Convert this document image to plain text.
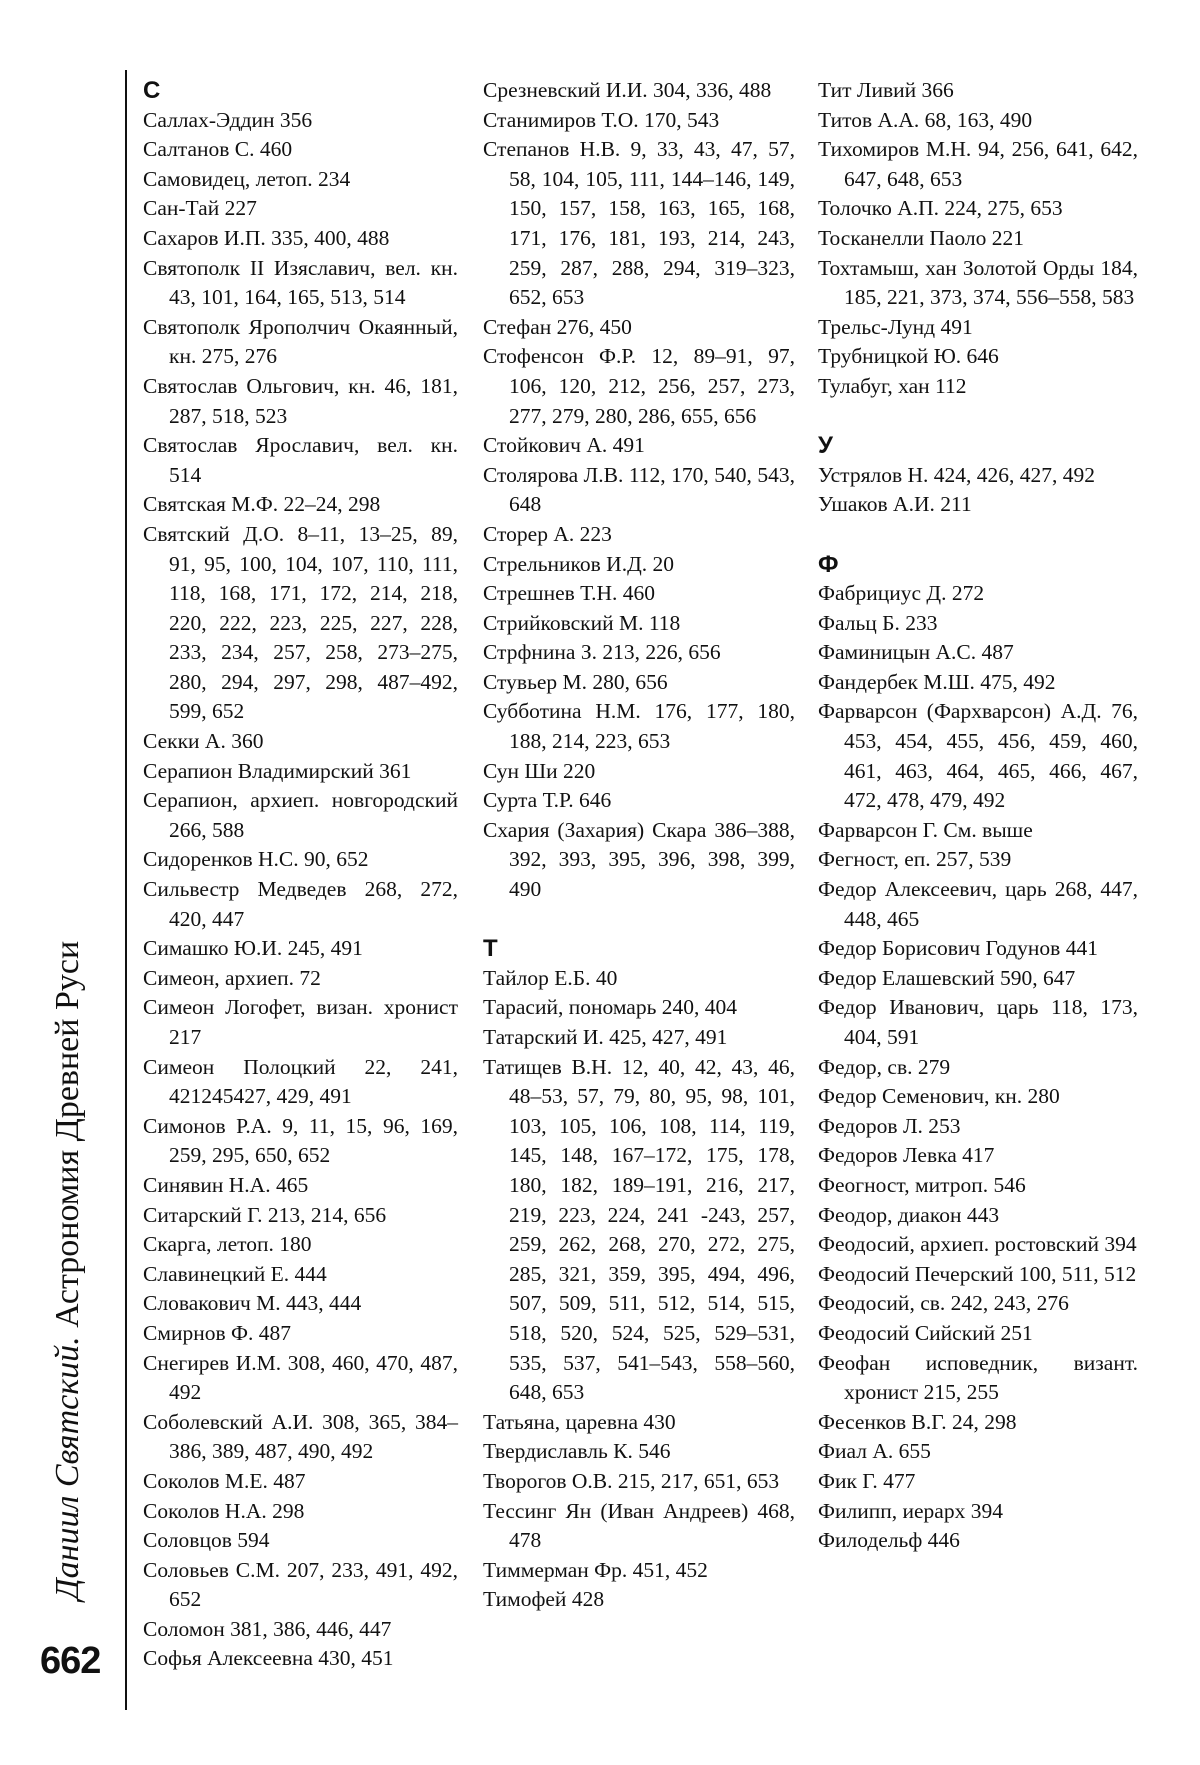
Даниил Святский. Астрономия Древней Руси
662
С
Саллах-Эддин 356
Салтанов С. 460
Самовидец, летоп. 234
Сан-Тай 227
Сахаров И.П. 335, 400, 488
Святополк II Изяславич, вел. кн. 43, 101, 164, 165, 513, 514
Святополк Ярополчич Окаянный, кн. 275, 276
Святослав Ольгович, кн. 46, 181, 287, 518, 523
Святослав Ярославич, вел. кн. 514
Святская М.Ф. 22–24, 298
Святский Д.О. 8–11, 13–25, 89, 91, 95, 100, 104, 107, 110, 111, 118, 168, 171, 172, 214, 218, 220, 222, 223, 225, 227, 228, 233, 234, 257, 258, 273–275, 280, 294, 297, 298, 487–492, 599, 652
Секки А. 360
Серапион Владимирский 361
Серапион, архиеп. новгородский 266, 588
Сидоренков Н.С. 90, 652
Сильвестр Медведев 268, 272, 420, 447
Симашко Ю.И. 245, 491
Симеон, архиеп. 72
Симеон Логофет, визан. хронист 217
Симеон Полоцкий 22, 241, 421245427, 429, 491
Симонов Р.А. 9, 11, 15, 96, 169, 259, 295, 650, 652
Синявин Н.А. 465
Ситарский Г. 213, 214, 656
Скарга, летоп. 180
Славинецкий Е. 444
Словакович М. 443, 444
Смирнов Ф. 487
Снегирев И.М. 308, 460, 470, 487, 492
Соболевский А.И. 308, 365, 384–386, 389, 487, 490, 492
Соколов М.Е. 487
Соколов Н.А. 298
Соловцов 594
Соловьев С.М. 207, 233, 491, 492, 652
Соломон 381, 386, 446, 447
Софья Алексеевна 430, 451
Срезневский И.И. 304, 336, 488
Станимиров Т.О. 170, 543
Степанов Н.В. 9, 33, 43, 47, 57, 58, 104, 105, 111, 144–146, 149, 150, 157, 158, 163, 165, 168, 171, 176, 181, 193, 214, 243, 259, 287, 288, 294, 319–323, 652, 653
Стефан 276, 450
Стофенсон Ф.Р. 12, 89–91, 97, 106, 120, 212, 256, 257, 273, 277, 279, 280, 286, 655, 656
Стойкович А. 491
Столярова Л.В. 112, 170, 540, 543, 648
Сторер А. 223
Стрельников И.Д. 20
Стрешнев Т.Н. 460
Стрийковский М. 118
Стрфнина З. 213, 226, 656
Стувьер М. 280, 656
Субботина Н.М. 176, 177, 180, 188, 214, 223, 653
Сун Ши 220
Сурта Т.Р. 646
Схария (Захария) Скара 386–388, 392, 393, 395, 396, 398, 399, 490
Т
Тайлор Е.Б. 40
Тарасий, пономарь 240, 404
Татарский И. 425, 427, 491
Татищев В.Н. 12, 40, 42, 43, 46, 48–53, 57, 79, 80, 95, 98, 101, 103, 105, 106, 108, 114, 119, 145, 148, 167–172, 175, 178, 180, 182, 189–191, 216, 217, 219, 223, 224, 241 -243, 257, 259, 262, 268, 270, 272, 275, 285, 321, 359, 395, 494, 496, 507, 509, 511, 512, 514, 515, 518, 520, 524, 525, 529–531, 535, 537, 541–543, 558–560, 648, 653
Татьяна, царевна 430
Твердиславль К. 546
Творогов О.В. 215, 217, 651, 653
Тессинг Ян (Иван Андреев) 468, 478
Тиммерман Фр. 451, 452
Тимофей 428
Тит Ливий 366
Титов А.А. 68, 163, 490
Тихомиров М.Н. 94, 256, 641, 642, 647, 648, 653
Толочко А.П. 224, 275, 653
Тосканелли Паоло 221
Тохтамыш, хан Золотой Орды 184, 185, 221, 373, 374, 556–558, 583
Трельс-Лунд 491
Трубницкой Ю. 646
Тулабуг, хан 112
У
Устрялов Н. 424, 426, 427, 492
Ушаков А.И. 211
Ф
Фабрициус Д. 272
Фальц Б. 233
Фаминицын А.С. 487
Фандербек М.Ш. 475, 492
Фарварсон (Фархварсон) А.Д. 76, 453, 454, 455, 456, 459, 460, 461, 463, 464, 465, 466, 467, 472, 478, 479, 492
Фарварсон Г. См. выше
Фегност, еп. 257, 539
Федор Алексеевич, царь 268, 447, 448, 465
Федор Борисович Годунов 441
Федор Елашевский 590, 647
Федор Иванович, царь 118, 173, 404, 591
Федор, св. 279
Федор Семенович, кн. 280
Федоров Л. 253
Федоров Левка 417
Феогност, митроп. 546
Феодор, диакон 443
Феодосий, архиеп. ростовский 394
Феодосий Печерский 100, 511, 512
Феодосий, св. 242, 243, 276
Феодосий Сийский 251
Феофан исповедник, визант. хронист 215, 255
Фесенков В.Г. 24, 298
Фиал А. 655
Фик Г. 477
Филипп, иерарх 394
Филодельф 446
